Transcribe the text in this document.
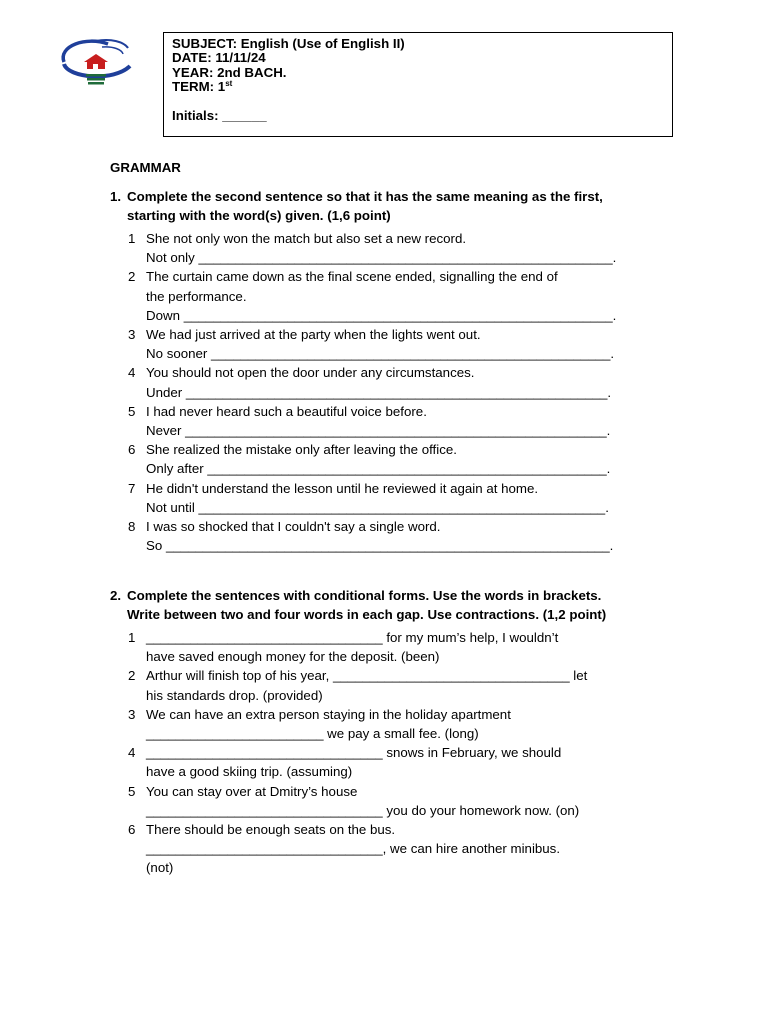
SUBJECT: English (Use of English II)
DATE: 11/11/24
YEAR: 2nd BACH.
TERM: 1st
Initials: ______
GRAMMAR
1. Complete the second sentence so that it has the same meaning as the first, starting with the word(s) given. (1,6 point)
1 She not only won the match but also set a new record.
Not only ________________________________________________________.
2 The curtain came down as the final scene ended, signalling the end of
the performance.
Down __________________________________________________________.
3 We had just arrived at the party when the lights went out.
No sooner ______________________________________________________.
4 You should not open the door under any circumstances.
Under _________________________________________________________.
5 I had never heard such a beautiful voice before.
Never _________________________________________________________.
6 She realized the mistake only after leaving the office.
Only after ______________________________________________________.
7 He didn't understand the lesson until he reviewed it again at home.
Not until _______________________________________________________.
8 I was so shocked that I couldn't say a single word.
So ____________________________________________________________.
2. Complete the sentences with conditional forms. Use the words in brackets. Write between two and four words in each gap. Use contractions. (1,2 point)
1 ________________________________ for my mum’s help, I wouldn’t
have saved enough money for the deposit. (been)
2 Arthur will finish top of his year, ________________________________ let
his standards drop. (provided)
3 We can have an extra person staying in the holiday apartment
________________________ we pay a small fee. (long)
4 ________________________________ snows in February, we should
have a good skiing trip. (assuming)
5 You can stay over at Dmitry’s house
________________________________ you do your homework now. (on)
6 There should be enough seats on the bus.
________________________________, we can hire another minibus.
(not)
